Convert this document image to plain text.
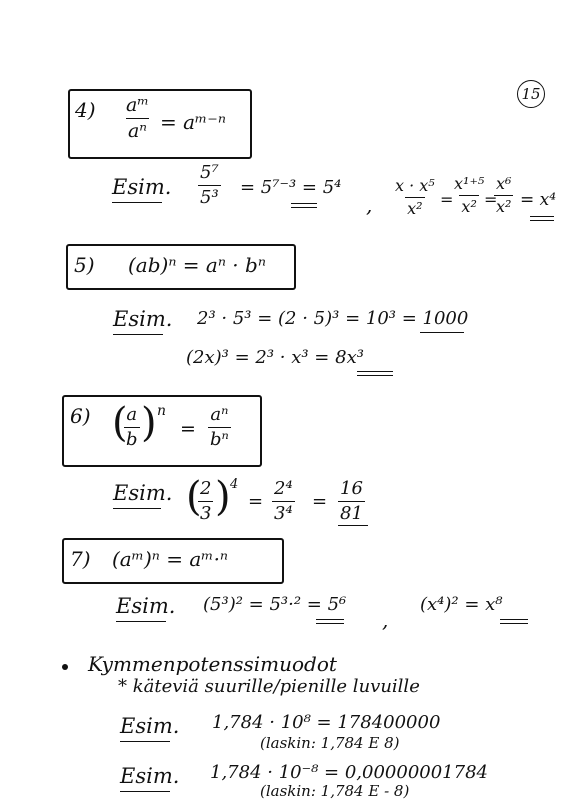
15
$4) \frac{\text{aᵐ}}{\text{aⁿ}}$ = aᵐ⁻ⁿ
Esim. $\frac{\text{5⁷}}{\text{5³}} = 5^{7-3} = 5^4$
, $\frac{\text{x · x⁵}}{\text{x²}}$ =
$\frac{\text{x¹⁺⁵}}{\text{x²}}$
=
$\frac{\text{x⁶}}{\text{x²}} = x^4$
5) (ab)ⁿ = aⁿ · bⁿ
Esim. 2³ · 5³ = (2 · 5)³ = 10³ = 1000
(2x)³ = 2³ · x³ = 8x³
6) (
$\frac{a}{b}$ ) n
= $\frac{\text{aⁿ}}{\text{bⁿ}}$
Esim. (
$\frac{2}{3}$ ) 4
= $\frac{\text{2⁴}}{\text{3⁴}} = \frac{16}{81}$
7) (aᵐ)ⁿ = aᵐ·ⁿ
Esim. (5³)² = 5³·² = 5⁶
,
(x⁴)² = x⁸
Kymmenpotenssimuodot
* käteviä suurille/pienille luvuille
Esim. 1,784 · 10⁸ = 178400000
(laskin: 1,784 E 8)
Esim. 1,784 · 10⁻⁸ = 0,00000001784
(laskin: 1,784 E - 8)
